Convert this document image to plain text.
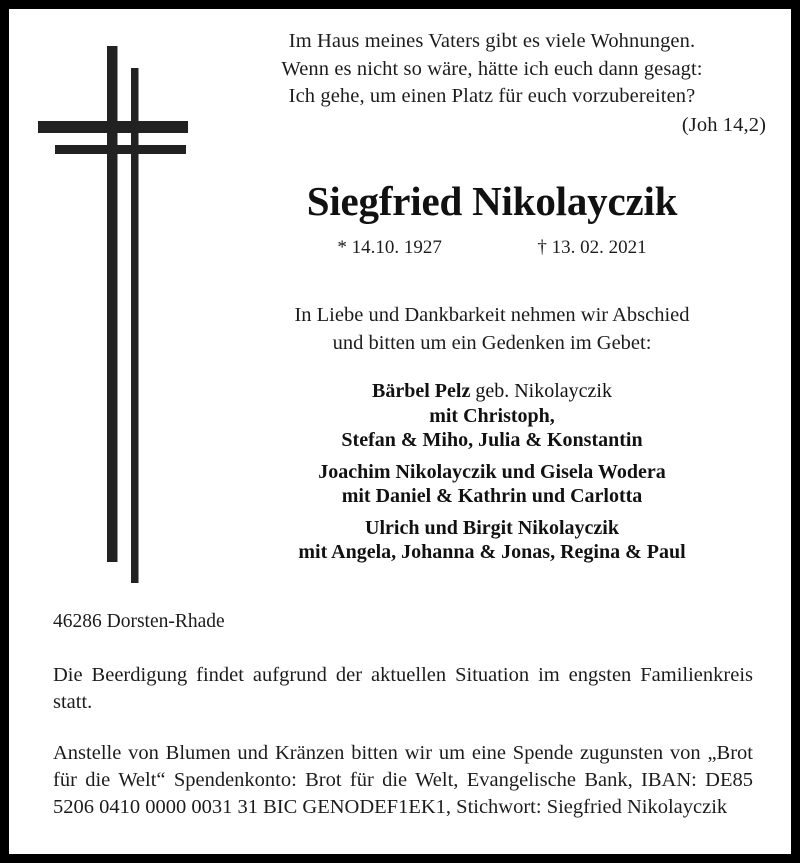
Im Haus meines Vaters gibt es viele Wohnungen.
Wenn es nicht so wäre, hätte ich euch dann gesagt:
Ich gehe, um einen Platz für euch vorzubereiten?
(Joh 14,2)
Siegfried Nikolayczik
* 14.10. 1927	† 13. 02. 2021
In Liebe und Dankbarkeit nehmen wir Abschied
und bitten um ein Gedenken im Gebet:
Bärbel Pelz geb. Nikolayczik
mit Christoph,
Stefan & Miho, Julia & Konstantin
Joachim Nikolayczik und Gisela Wodera
mit Daniel & Kathrin und Carlotta
Ulrich und Birgit Nikolayczik
mit Angela, Johanna & Jonas, Regina & Paul
46286 Dorsten-Rhade
Die Beerdigung findet aufgrund der aktuellen Situation im engsten Familienkreis statt.
Anstelle von Blumen und Kränzen bitten wir um eine Spende zugunsten von „Brot für die Welt“ Spendenkonto: Brot für die Welt, Evangelische Bank, IBAN: DE85 5206 0410 0000 0031 31 BIC GENODEF1EK1, Stichwort: Siegfried Nikolayczik
